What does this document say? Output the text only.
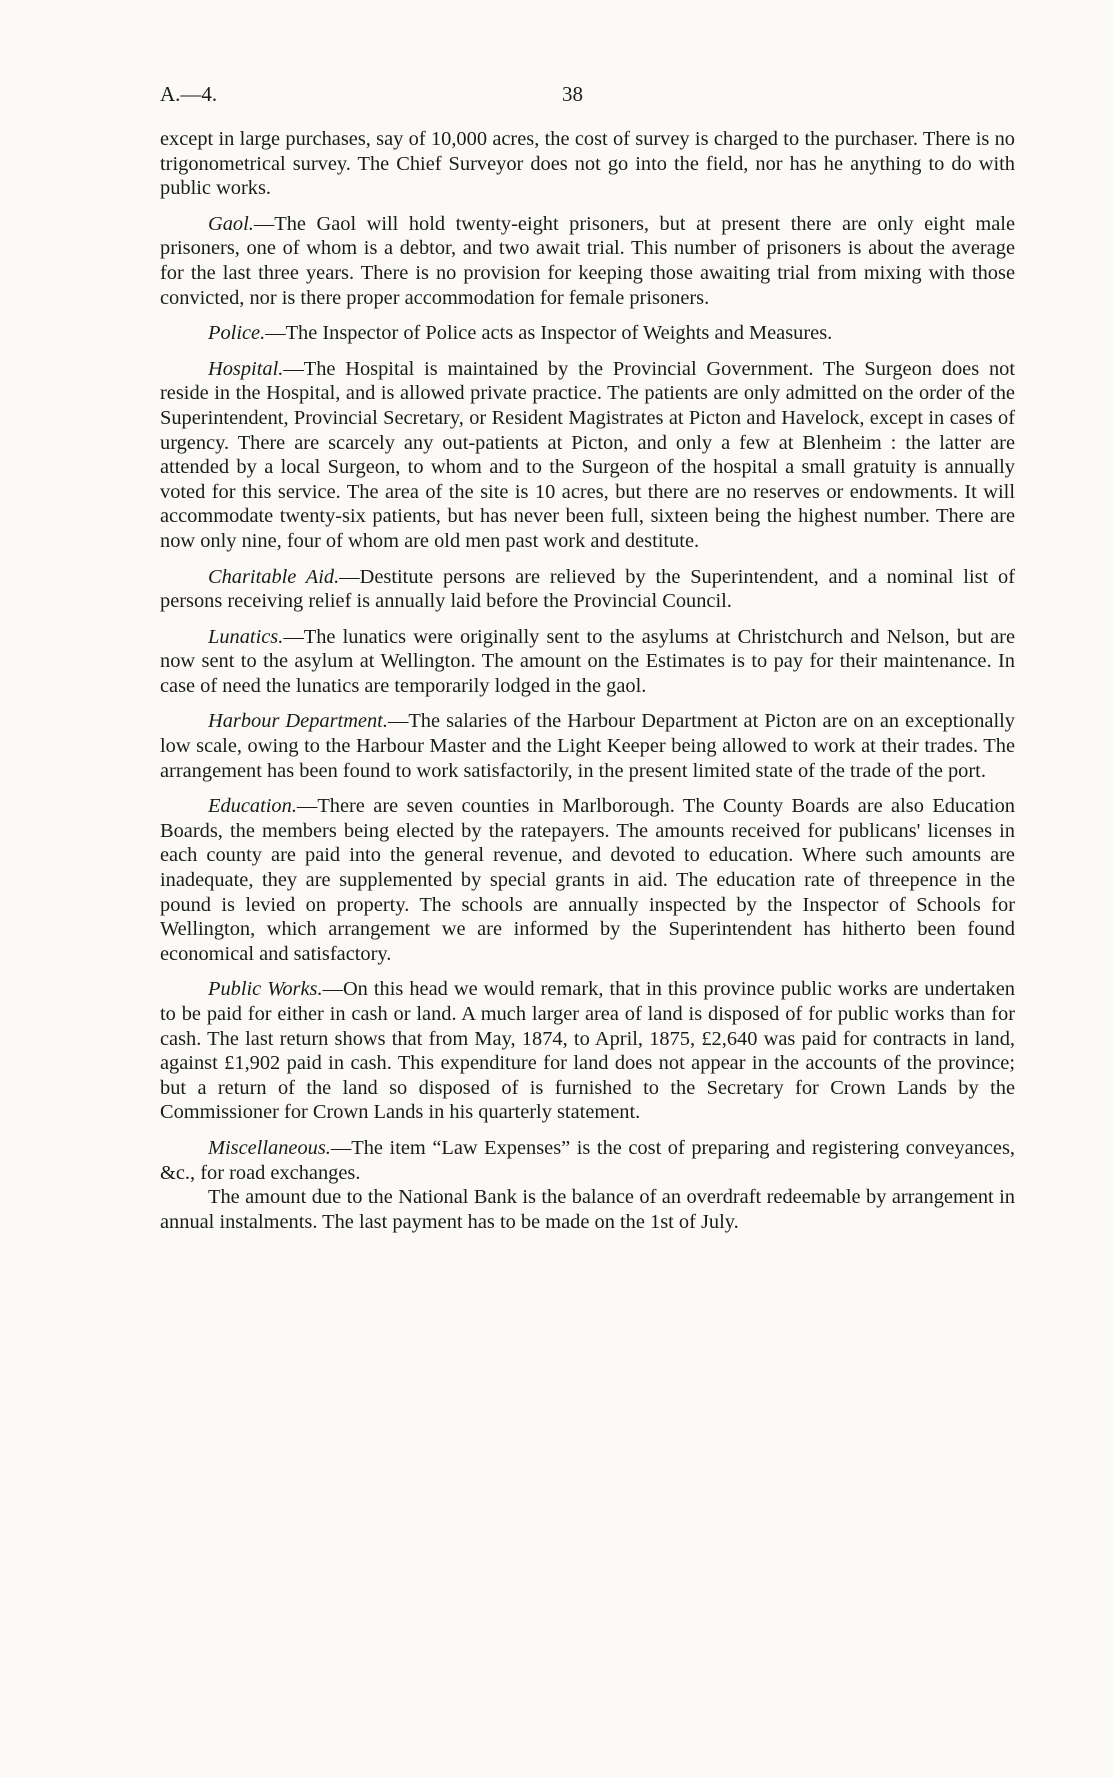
A.—4.	38

except in large purchases, say of 10,000 acres, the cost of survey is charged to the purchaser. There is no trigonometrical survey. The Chief Surveyor does not go into the field, nor has he anything to do with public works.

Gaol.—The Gaol will hold twenty-eight prisoners, but at present there are only eight male prisoners, one of whom is a debtor, and two await trial. This number of prisoners is about the average for the last three years. There is no provision for keeping those awaiting trial from mixing with those convicted, nor is there proper accommodation for female prisoners.

Police.—The Inspector of Police acts as Inspector of Weights and Measures.

Hospital.—The Hospital is maintained by the Provincial Government. The Surgeon does not reside in the Hospital, and is allowed private practice. The patients are only admitted on the order of the Superintendent, Provincial Secretary, or Resident Magistrates at Picton and Havelock, except in cases of urgency. There are scarcely any out-patients at Picton, and only a few at Blenheim : the latter are attended by a local Surgeon, to whom and to the Surgeon of the hospital a small gratuity is annually voted for this service. The area of the site is 10 acres, but there are no reserves or endowments. It will accommodate twenty-six patients, but has never been full, sixteen being the highest number. There are now only nine, four of whom are old men past work and destitute.

Charitable Aid.—Destitute persons are relieved by the Superintendent, and a nominal list of persons receiving relief is annually laid before the Provincial Council.

Lunatics.—The lunatics were originally sent to the asylums at Christchurch and Nelson, but are now sent to the asylum at Wellington. The amount on the Estimates is to pay for their maintenance. In case of need the lunatics are temporarily lodged in the gaol.

Harbour Department.—The salaries of the Harbour Department at Picton are on an exceptionally low scale, owing to the Harbour Master and the Light Keeper being allowed to work at their trades. The arrangement has been found to work satisfactorily, in the present limited state of the trade of the port.

Education.—There are seven counties in Marlborough. The County Boards are also Education Boards, the members being elected by the ratepayers. The amounts received for publicans' licenses in each county are paid into the general revenue, and devoted to education. Where such amounts are inadequate, they are supplemented by special grants in aid. The education rate of threepence in the pound is levied on property. The schools are annually inspected by the Inspector of Schools for Wellington, which arrangement we are informed by the Superintendent has hitherto been found economical and satisfactory.

Public Works.—On this head we would remark, that in this province public works are undertaken to be paid for either in cash or land. A much larger area of land is disposed of for public works than for cash. The last return shows that from May, 1874, to April, 1875, £2,640 was paid for contracts in land, against £1,902 paid in cash. This expenditure for land does not appear in the accounts of the province; but a return of the land so disposed of is furnished to the Secretary for Crown Lands by the Commissioner for Crown Lands in his quarterly statement.

Miscellaneous.—The item “Law Expenses” is the cost of preparing and registering conveyances, &c., for road exchanges.

The amount due to the National Bank is the balance of an overdraft redeemable by arrangement in annual instalments. The last payment has to be made on the 1st of July.
